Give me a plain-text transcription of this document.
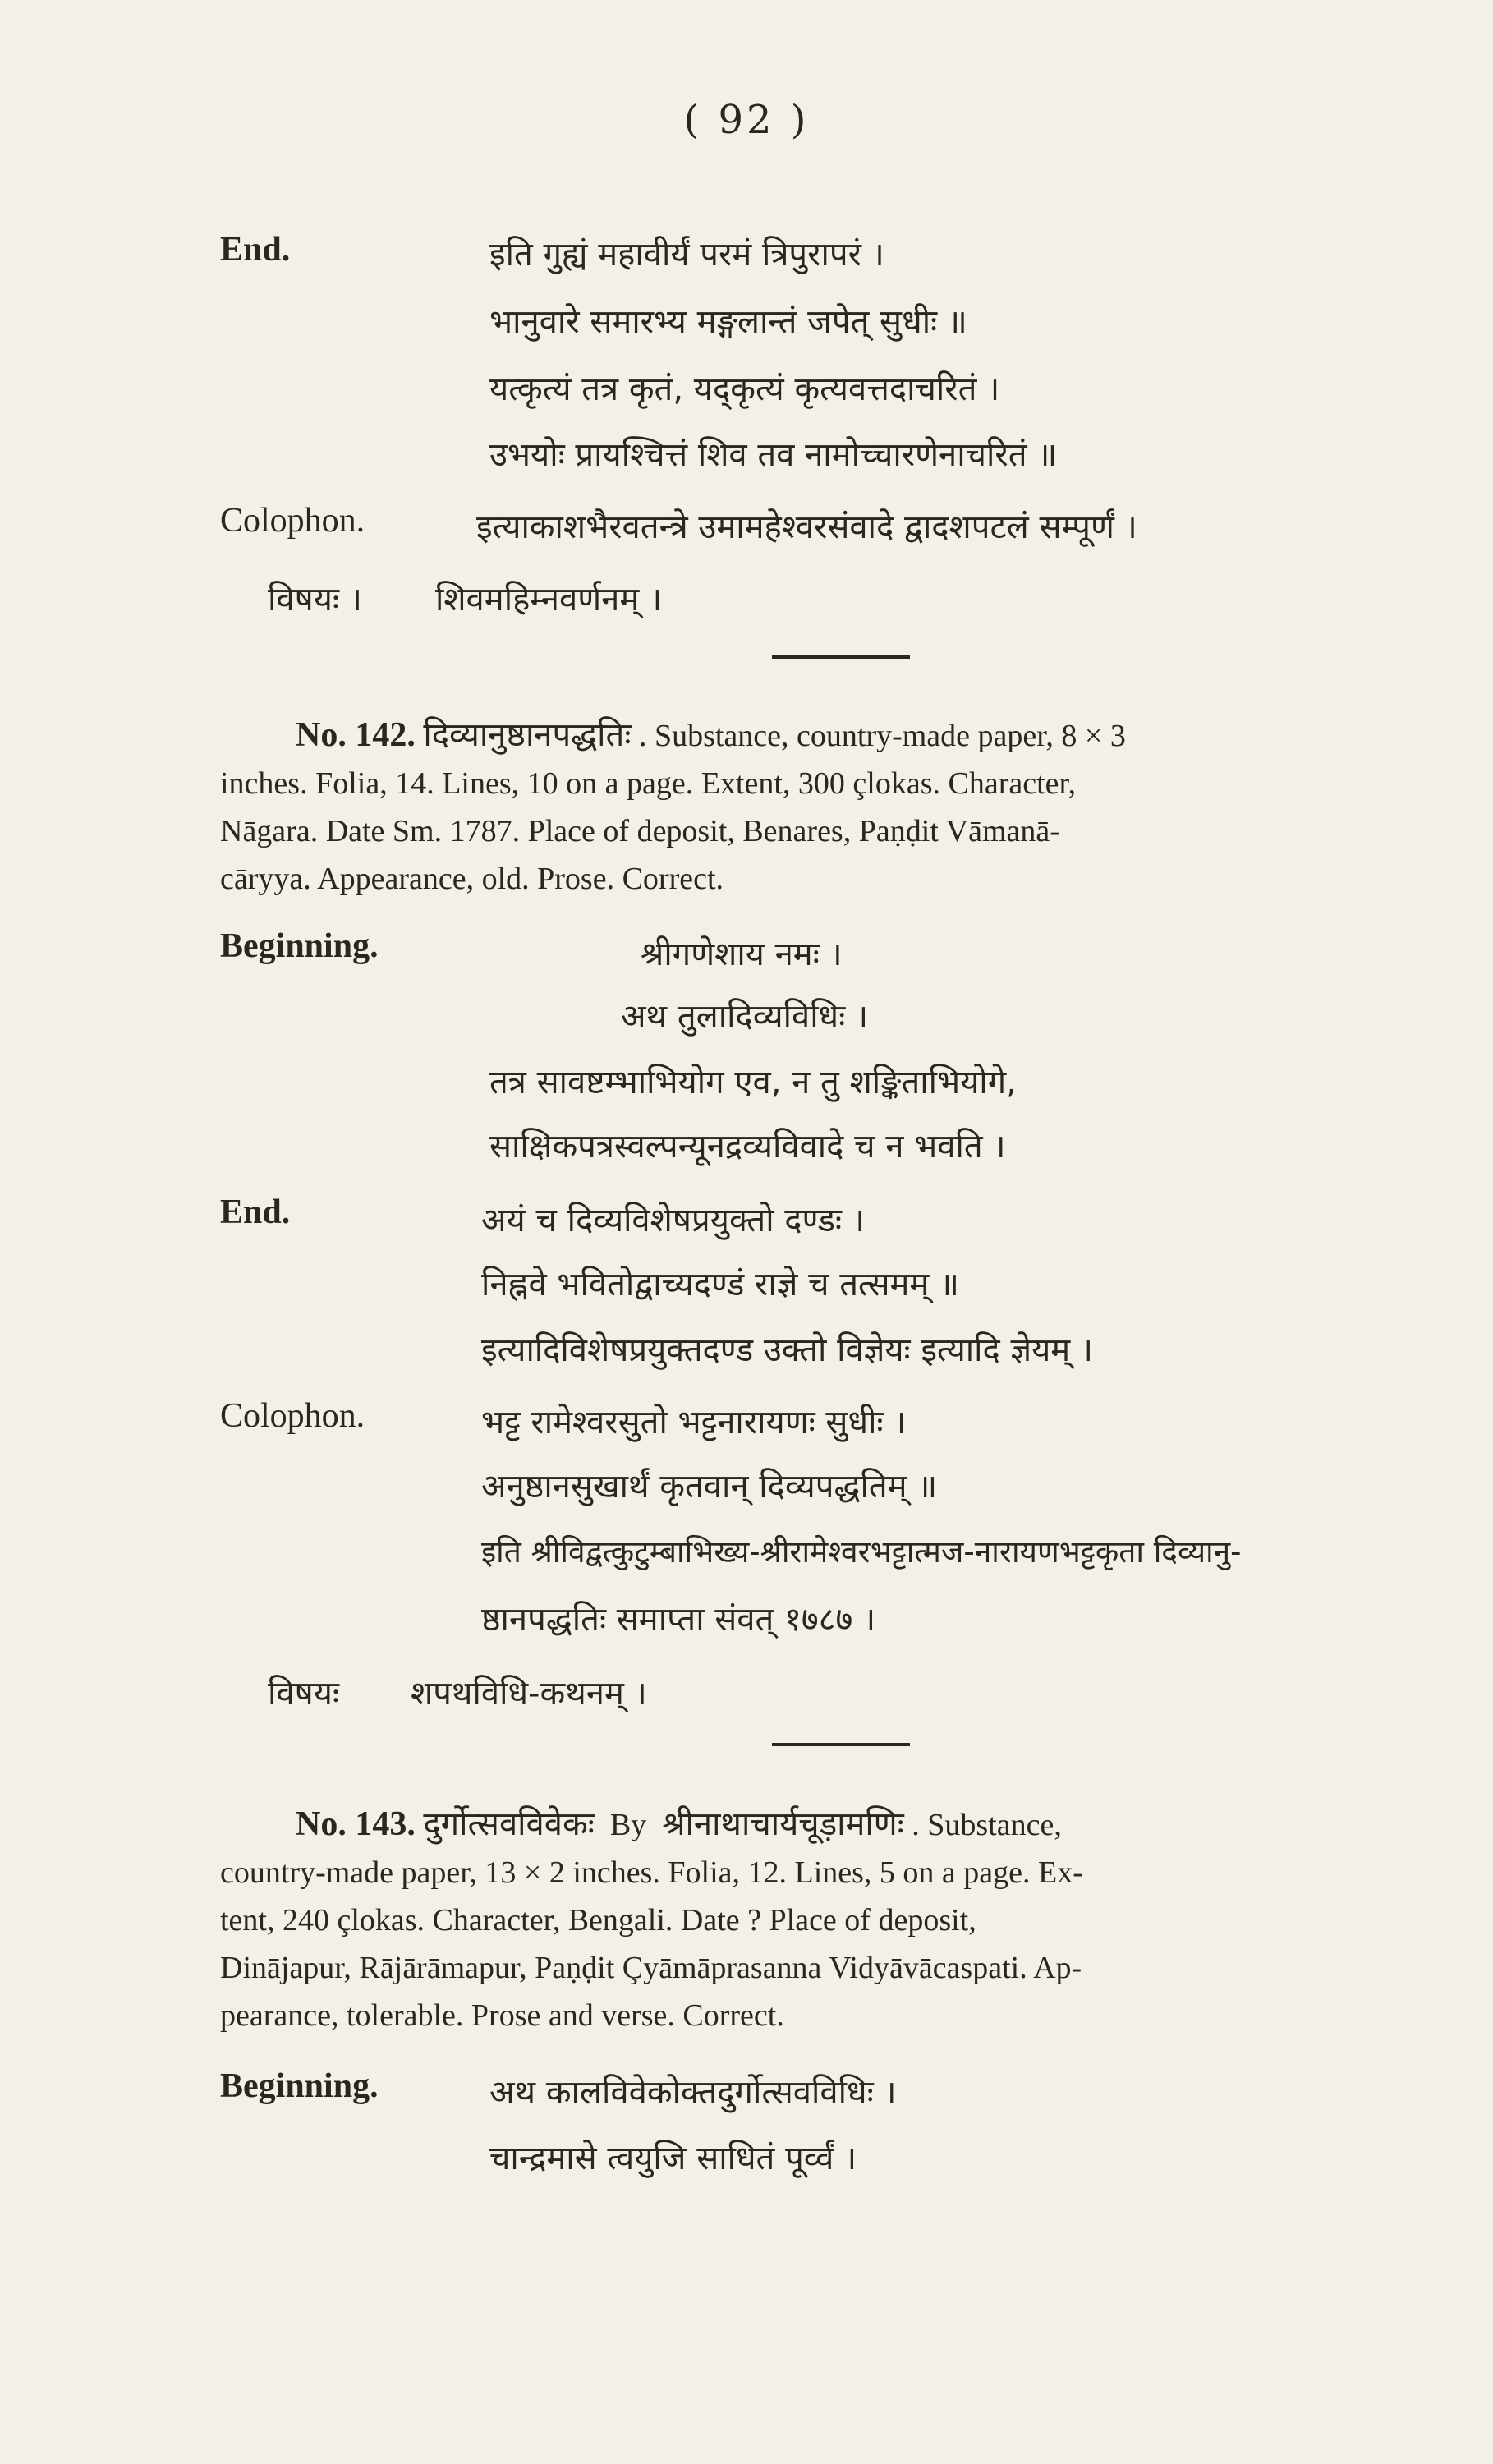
( 92 )
End.	इति गुह्यं महावीर्यं परमं त्रिपुरापरं ।
भानुवारे समारभ्य मङ्गलान्तं जपेत् सुधीः ॥
यत्कृत्यं तत्र कृतं, यद्कृत्यं कृत्यवत्तदाचरितं ।
उभयोः प्रायश्चित्तं शिव तव नामोच्चारणेनाचरितं ॥
Colophon.	इत्याकाशभैरवतन्त्रे उमामहेश्वरसंवादे द्वादशपटलं सम्पूर्णं ।
विषयः । शिवमहिम्नवर्णनम् ।
No. 142. दिव्यानुष्ठानपद्धतिः . Substance, country-made paper, 8 × 3
inches. Folia, 14. Lines, 10 on a page. Extent, 300 çlokas. Character,
Nāgara. Date Sm. 1787. Place of deposit, Benares, Paṇḍit Vāmanā-
cāryya. Appearance, old. Prose. Correct.
Beginning.	श्रीगणेशाय नमः ।
अथ तुलादिव्यविधिः ।
तत्र सावष्टम्भाभियोग एव, न तु शङ्किताभियोगे,
साक्षिकपत्रस्वल्पन्यूनद्रव्यविवादे च न भवति ।
End.	अयं च दिव्यविशेषप्रयुक्तो दण्डः ।
निह्नवे भवितोद्वाच्यदण्डं राज्ञे च तत्समम् ॥
इत्यादिविशेषप्रयुक्तदण्ड उक्तो विज्ञेयः इत्यादि ज्ञेयम् ।
Colophon.	भट्ट रामेश्वरसुतो भट्टनारायणः सुधीः ।
अनुष्ठानसुखार्थं कृतवान् दिव्यपद्धतिम् ॥
इति श्रीविद्वत्कुटुम्बाभिख्य-श्रीरामेश्वरभट्टात्मज-नारायणभट्टकृता दिव्यानु-
ष्ठानपद्धतिः समाप्ता संवत् १७८७ ।
विषयः शपथविधि-कथनम् ।
No. 143. दुर्गोत्सवविवेकः By श्रीनाथाचार्यचूड़ामणिः . Substance,
country-made paper, 13 × 2 inches. Folia, 12. Lines, 5 on a page. Ex-
tent, 240 çlokas. Character, Bengali. Date ? Place of deposit,
Dinājapur, Rājārāmapur, Paṇḍit Çyāmāprasanna Vidyāvācaspati. Ap-
pearance, tolerable. Prose and verse. Correct.
Beginning.	अथ कालविवेकोक्तदुर्गोत्सवविधिः ।
चान्द्रमासे त्वयुजि साधितं पूर्व्वं ।
